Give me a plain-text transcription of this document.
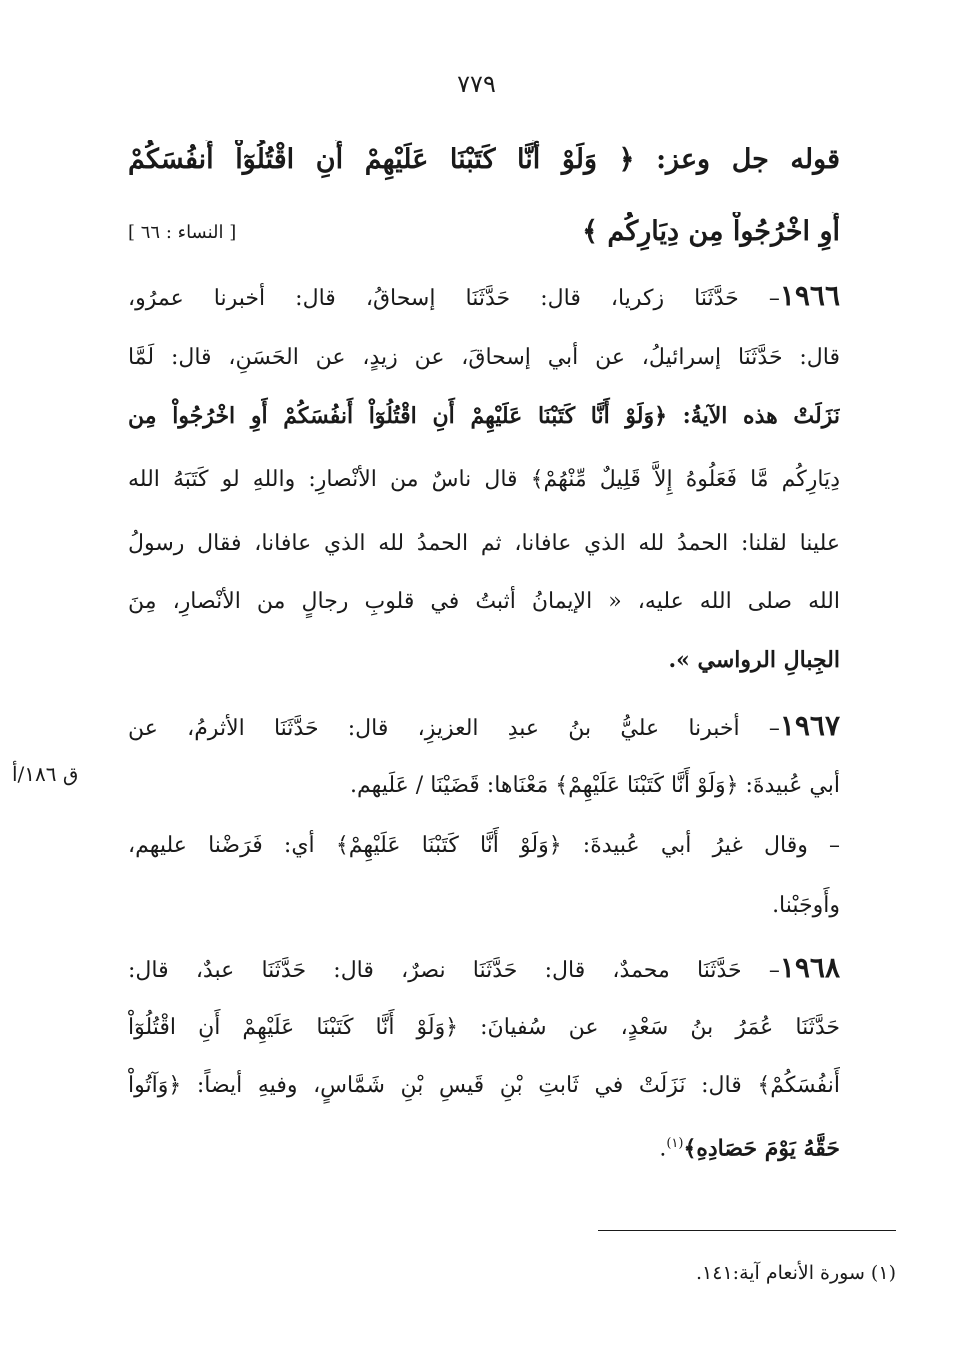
٧٧٩
قوله جل وعز: ﴿ وَلَوْ أَنَّا كَتَبْنَا عَلَيْهِمْ أَنِ اقْتُلُوٓاْ أَنفُسَكُمْ
أَوِ اخْرُجُواْ مِن دِيَارِكُم ﴾
[ النساء : ٦٦ ]
١٩٦٦– حَدَّثَنَا زكريا، قال: حَدَّثَنَا إسحاقُ، قال: أخبرنا عمرُو،
قال: حَدَّثَنَا إسرائيلُ، عن أبي إسحاقَ، عن زيدٍ، عن الحَسَنِ، قال: لَمَّا
نَزَلَتْ هذه الآيةُ: ﴿وَلَوْ أَنَّا كَتَبْنَا عَلَيْهِمْ أَنِ اقْتُلُوٓاْ أَنفُسَكُمْ أَوِ اخْرُجُواْ مِن
دِيَارِكُم مَّا فَعَلُوهُ إِلاَّ قَلِيلٌ مِّنْهُمْ﴾ قال ناسٌ من الأنْصارِ: واللهِ لو كَتَبَهُ الله
علينا لقلنا: الحمدُ لله الذي عافانا، ثم الحمدُ لله الذي عافانا، فقال رسولُ
الله صلى الله عليه، « الإيمانُ أثبتُ في قلوبِ رجالٍ من الأنْصارِ، مِنَ
الجِبالِ الرواسي ».
١٩٦٧– أخبرنا عليُّ بنُ عبدِ العزيزِ، قال: حَدَّثَنَا الأثرمُ، عن
أبي عُبيدةَ: ﴿وَلَوْ أَنَّا كَتَبْنَا عَلَيْهِمْ﴾ مَعْنَاها: قَضَيْنَا / عَلَيهم.
ق ١٨٦/أ
– وقال غيرُ أبي عُبيدةَ: ﴿وَلَوْ أَنَّا كَتَبْنَا عَلَيْهِمْ﴾ أي: فَرَضْنا عليهم،
وأَوجَبْنا.
١٩٦٨– حَدَّثَنَا محمدٌ، قال: حَدَّثَنَا نصرٌ، قال: حَدَّثَنَا عبدٌ، قال:
حَدَّثَنَا عُمَرُ بنُ سَعْدٍ، عن سُفيانَ: ﴿وَلَوْ أَنَّا كَتَبْنَا عَلَيْهِمْ أَنِ اقْتُلُوٓاْ
أَنفُسَكُمْ﴾ قال: نَزَلَتْ في ثَابتِ بْنِ قَيسِ بْنِ شَمَّاسٍ، وفيهِ أيضاً: ﴿وَآتُواْ
حَقَّهُ يَوْمَ حَصَادِهِ﴾$^{(١)}$.
(١) سورة الأنعام آية:١٤١.
